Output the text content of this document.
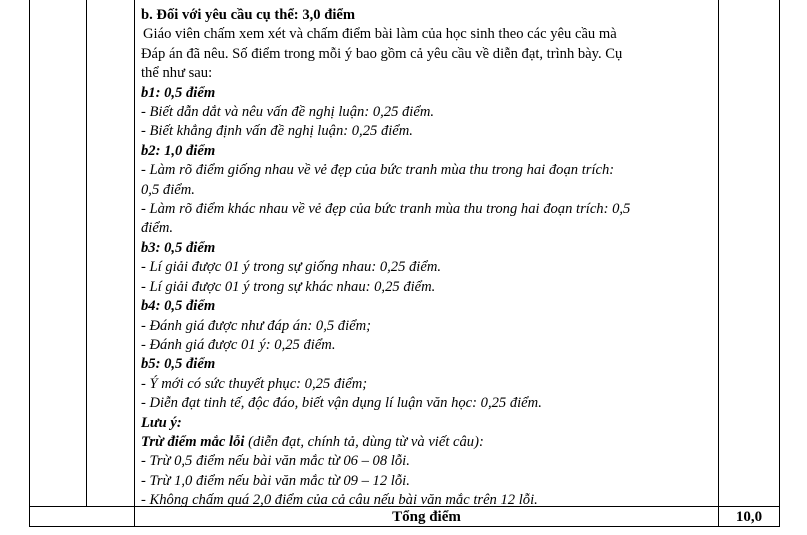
b. Đối với yêu cầu cụ thể: 3,0 điểm
Giáo viên chấm xem xét và chấm điểm bài làm của học sinh theo các yêu cầu mà
Đáp án đã nêu. Số điểm trong mỗi ý bao gồm cả yêu cầu về diễn đạt, trình bày. Cụ
thể như sau:
b1: 0,5 điểm
- Biết dẫn dắt và nêu vấn đề nghị luận: 0,25 điểm.
- Biết khẳng định vấn đề nghị luận: 0,25 điểm.
b2: 1,0 điểm
- Làm rõ điểm giống nhau về vẻ đẹp của bức tranh mùa thu trong hai đoạn trích:
0,5 điểm.
- Làm rõ điểm khác nhau về vẻ đẹp của bức tranh mùa thu trong hai đoạn trích: 0,5
điểm.
b3: 0,5 điểm
- Lí giải được 01 ý trong sự giống nhau: 0,25 điểm.
- Lí giải được 01 ý trong sự khác nhau: 0,25 điểm.
b4: 0,5 điểm
- Đánh giá được như đáp án: 0,5 điểm;
- Đánh giá được 01 ý: 0,25 điểm.
b5: 0,5 điểm
- Ý mới có sức thuyết phục: 0,25 điểm;
- Diễn đạt tinh tế, độc đáo, biết vận dụng lí luận văn học: 0,25 điểm.
Lưu ý:
Trừ điểm mắc lỗi (diễn đạt, chính tả, dùng từ và viết câu):
- Trừ 0,5 điểm nếu bài văn mắc từ 06 – 08 lỗi.
- Trừ 1,0 điểm nếu bài văn mắc từ 09 – 12 lỗi.
- Không chấm quá 2,0 điểm của cả câu nếu bài văn mắc trên 12 lỗi.
Tổng điểm	10,0
